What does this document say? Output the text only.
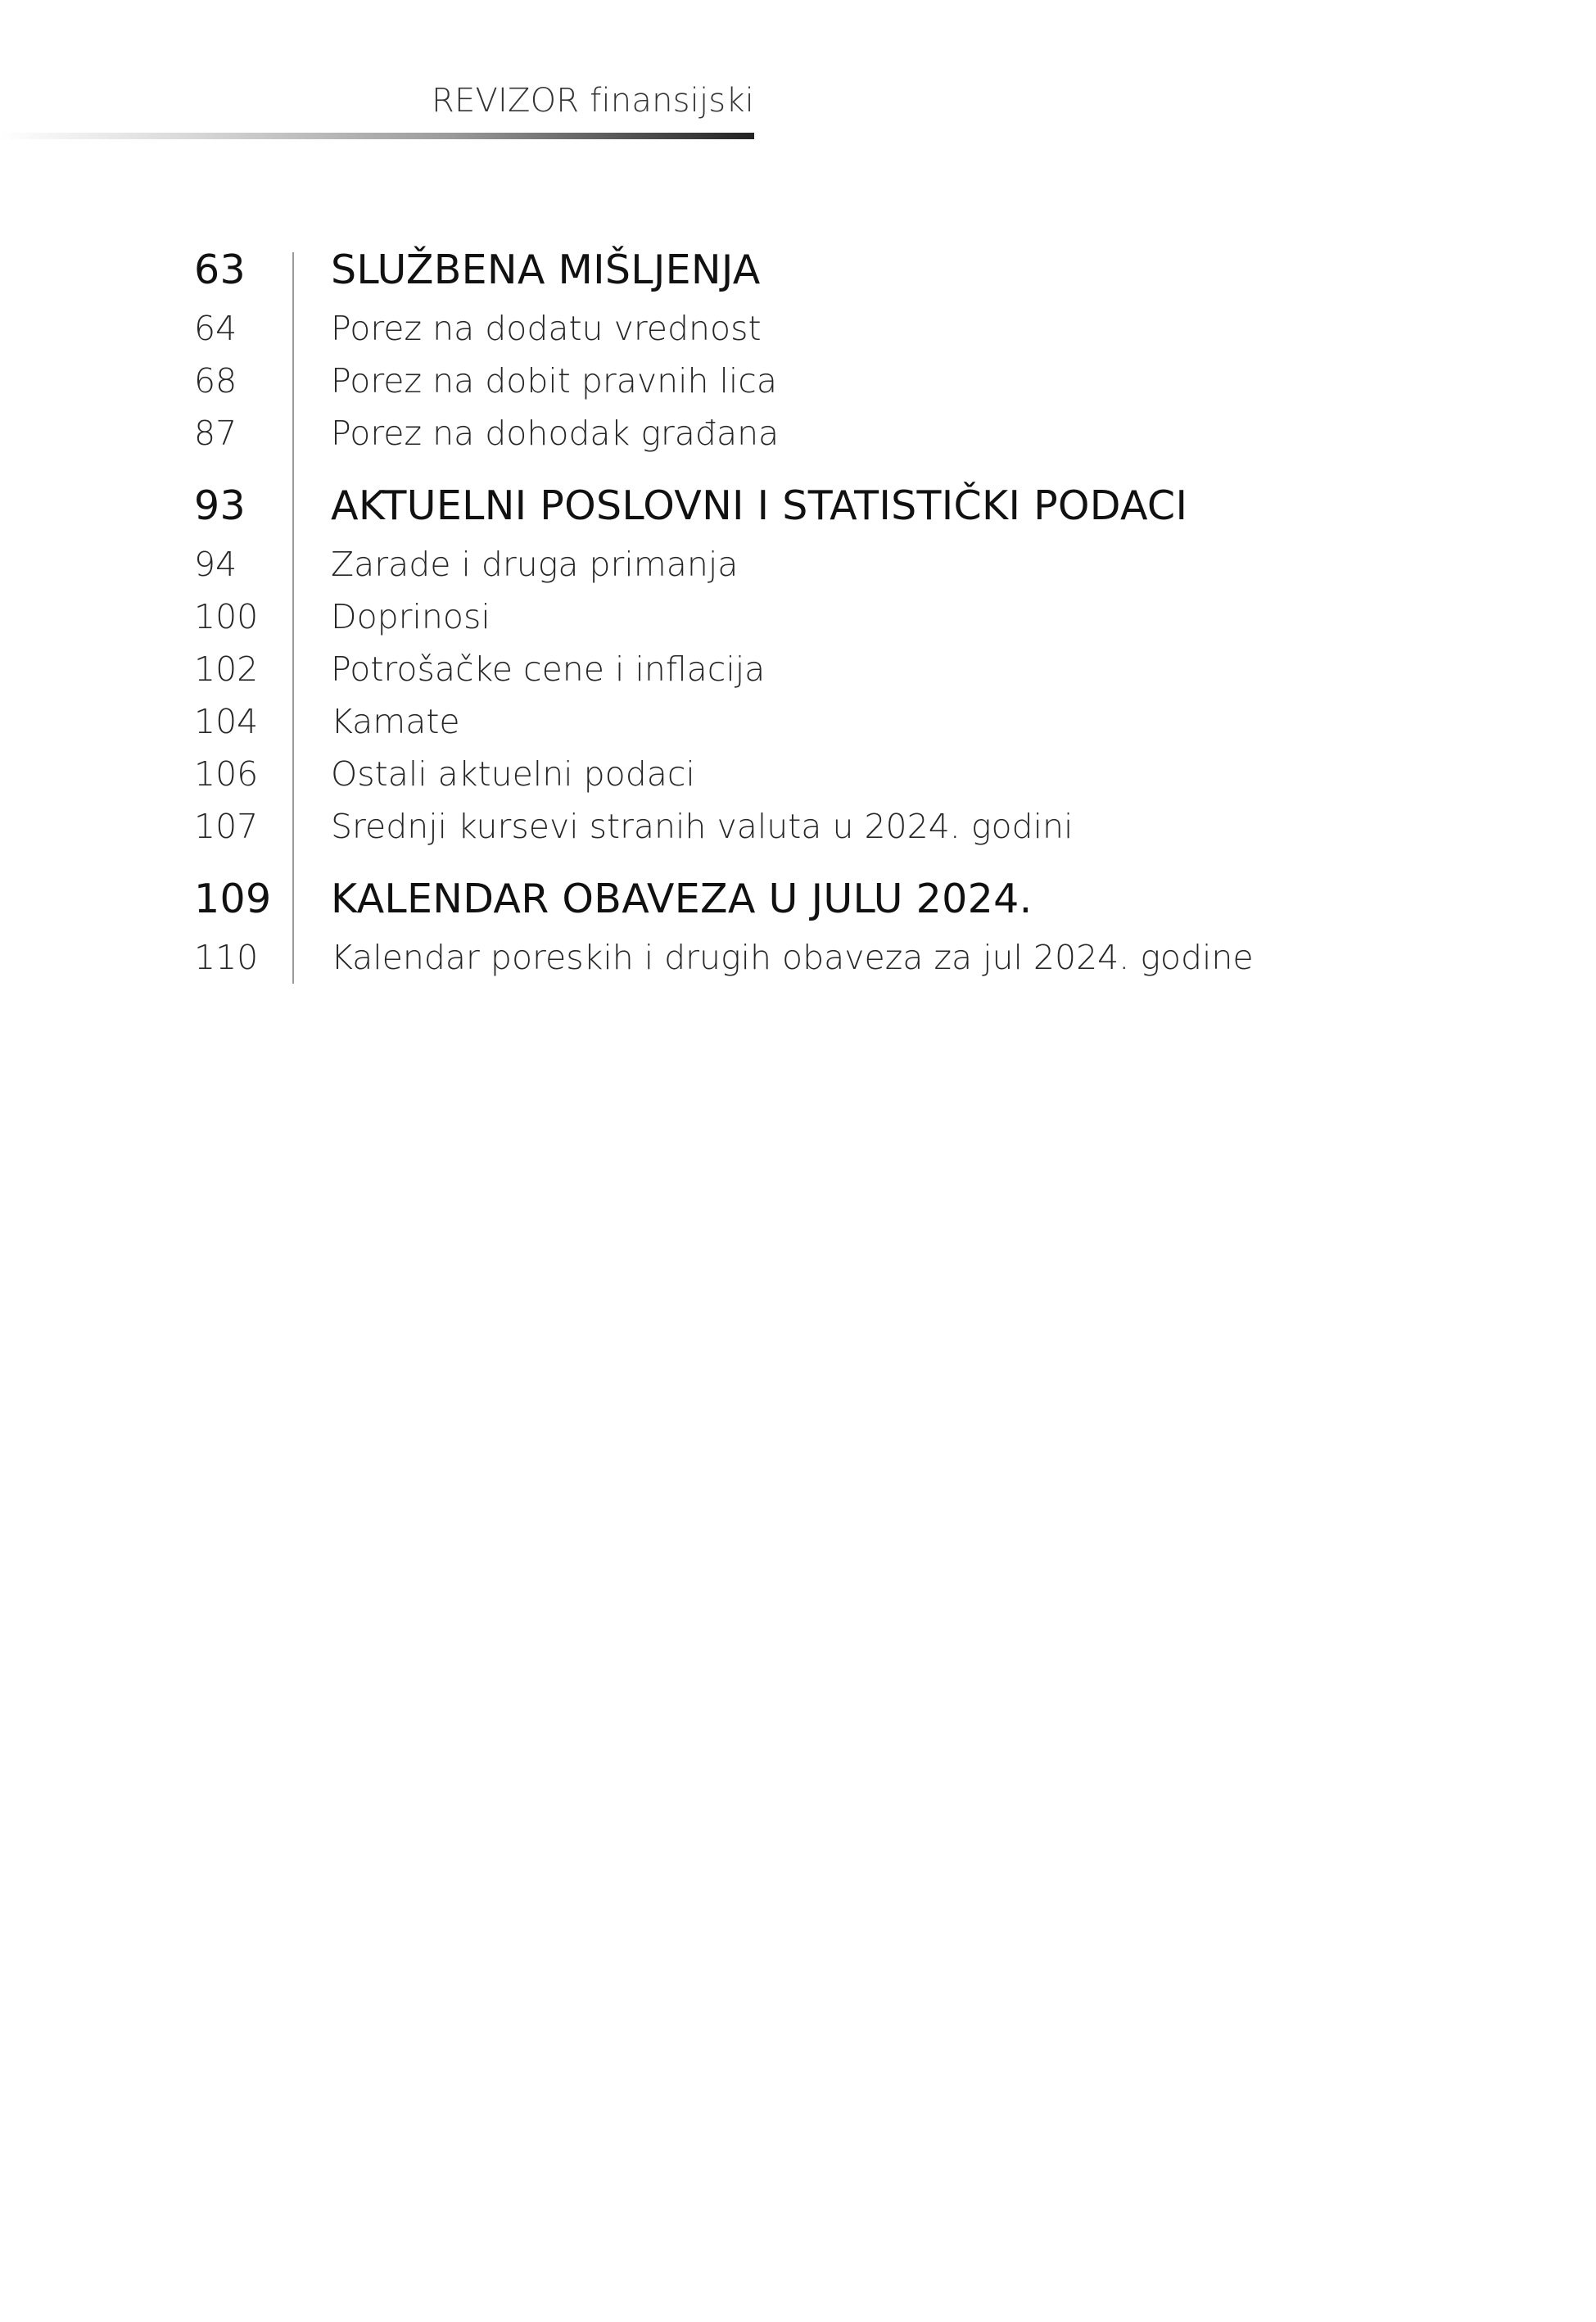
REVIZOR finansijski
63 SLUŽBENA MIŠLJENJA
64	Porez na dodatu vrednost
68	Porez na dobit pravnih lica
87	Porez na dohodak građana
93 AKTUELNI POSLOVNI I STATISTIČKI PODACI
94	Zarade i druga primanja
100 Doprinosi
102 Potrošačke cene i inflacija
104 Kamate
106 Ostali aktuelni podaci
107 Srednji kursevi stranih valuta u 2024. godini
109 KALENDAR OBAVEZA U JULU 2024.
110 Kalendar poreskih i drugih obaveza za jul 2024. godine
